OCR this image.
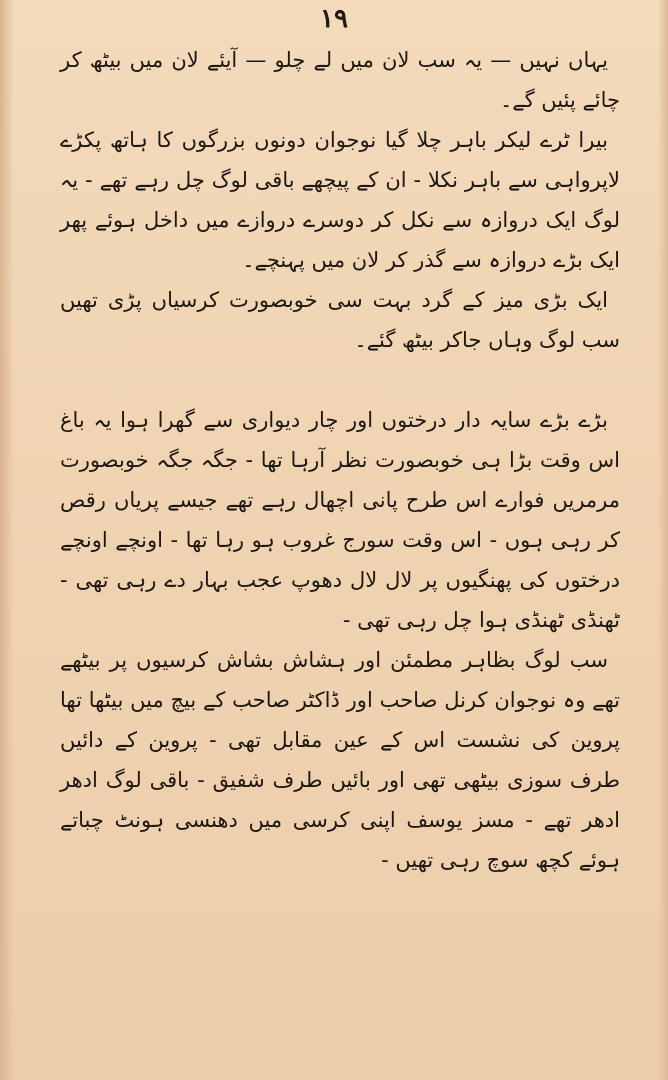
۱۹

یہاں نہیں — یہ سب لان میں لے چلو — آیئے لان میں بیٹھ کر چائے پئیں گے۔

بیرا ٹرے لیکر باہر چلا گیا نوجوان دونوں بزرگوں کا ہاتھ پکڑے لاپرواہی سے باہر نکلا - ان کے پیچھے باقی لوگ چل رہے تھے - یہ لوگ ایک دروازہ سے نکل کر دوسرے دروازے میں داخل ہوئے پھر ایک بڑے دروازہ سے گذر کر لان میں پہنچے۔

ایک بڑی میز کے گرد بہت سی خوبصورت کرسیاں پڑی تھیں سب لوگ وہاں جاکر بیٹھ گئے۔

بڑے بڑے سایہ دار درختوں اور چار دیواری سے گھرا ہوا یہ باغ اس وقت بڑا ہی خوبصورت نظر آرہا تھا - جگہ جگہ خوبصورت مرمریں فوارے اس طرح پانی اچھال رہے تھے جیسے پریاں رقص کر رہی ہوں - اس وقت سورج غروب ہو رہا تھا - اونچے اونچے درختوں کی پھنگیوں پر لال لال دھوپ عجب بہار دے رہی تھی - ٹھنڈی ٹھنڈی ہوا چل رہی تھی -

سب لوگ بظاہر مطمئن اور ہشاش بشاش کرسیوں پر بیٹھے تھے وہ نوجوان کرنل صاحب اور ڈاکٹر صاحب کے بیچ میں بیٹھا تھا پروین کی نشست اس کے عین مقابل تھی - پروین کے دائیں طرف سوزی بیٹھی تھی اور بائیں طرف شفیق - باقی لوگ ادھر ادھر تھے - مسز یوسف اپنی کرسی میں دھنسی ہونٹ چباتے ہوئے کچھ سوچ رہی تھیں -
